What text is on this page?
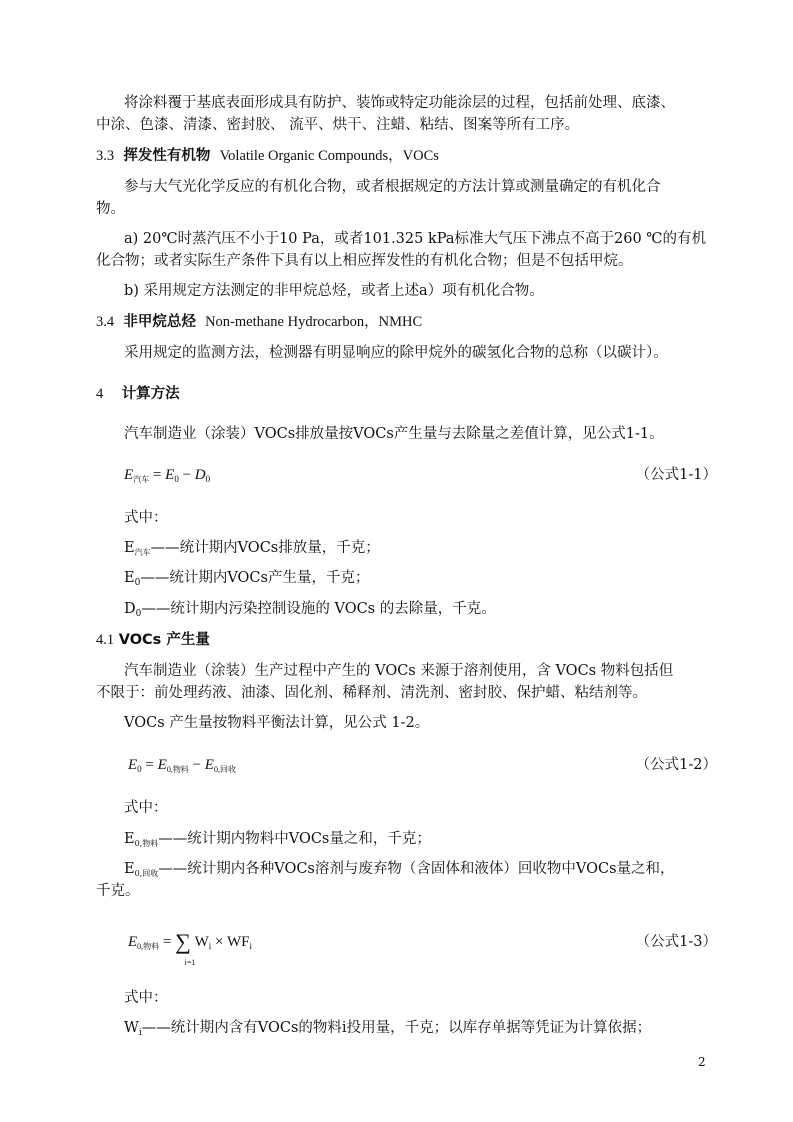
将涂料覆于基底表面形成具有防护、装饰或特定功能涂层的过程，包括前处理、底漆、
中涂、色漆、清漆、密封胶、 流平、烘干、注蜡、粘结、图案等所有工序。
3.3 挥发性有机物 Volatile Organic Compounds，VOCs
参与大气光化学反应的有机化合物，或者根据规定的方法计算或测量确定的有机化合
物。
a) 20℃时蒸汽压不小于10 Pa，或者101.325 kPa标准大气压下沸点不高于260 ℃的有机
化合物；或者实际生产条件下具有以上相应挥发性的有机化合物；但是不包括甲烷。
b) 采用规定方法测定的非甲烷总烃，或者上述a）项有机化合物。
3.4 非甲烷总烃 Non-methane Hydrocarbon，NMHC
采用规定的监测方法，检测器有明显响应的除甲烷外的碳氢化合物的总称（以碳计）。
4 计算方法
汽车制造业（涂装）VOCs排放量按VOCs产生量与去除量之差值计算，见公式1-1。
$E_{汽车} = E_0 - D_0$	（公式1-1）
式中：
$E_{汽车}——$统计期内VOCs排放量，千克；
$E_0——$统计期内VOCs产生量，千克；
$D_0——$统计期内污染控制设施的 VOCs 的去除量，千克。
4.1 VOCs 产生量
汽车制造业（涂装）生产过程中产生的 VOCs 来源于溶剂使用，含 VOCs 物料包括但
不限于：前处理药液、油漆、固化剂、稀释剂、清洗剂、密封胶、保护蜡、粘结剂等。
VOCs 产生量按物料平衡法计算，见公式 1-2。
$E_0 = E_{0,物料} - E_{0,回收}$	（公式1-2）
式中：
$E_{0,物料}——$统计期内物料中VOCs量之和，千克；
$E_{0,回收}——$统计期内各种VOCs溶剂与废弃物（含固体和液体）回收物中VOCs量之和，
千克。
$E_{0,物料}$ = ∑ $W_i \times WF_i$
i=1
（公式1-3）
式中：
$W_i——$统计期内含有VOCs的物料i投用量，千克；以库存单据等凭证为计算依据；
2
